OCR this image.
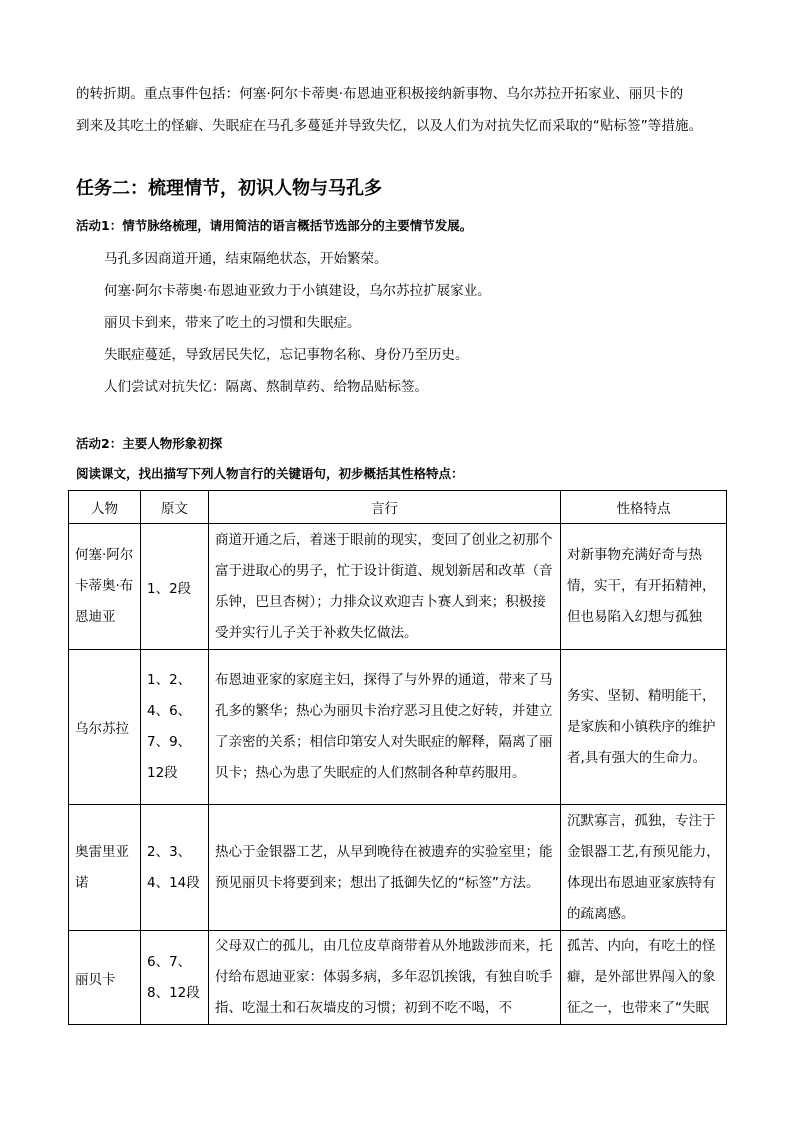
的转折期。重点事件包括：何塞·阿尔卡蒂奥·布恩迪亚积极接纳新事物、乌尔苏拉开拓家业、丽贝卡的

到来及其吃土的怪癖、失眠症在马孔多蔓延并导致失忆，以及人们为对抗失忆而采取的“贴标签”等措施。

任务二：梳理情节，初识人物与马孔多
活动1：情节脉络梳理，请用简洁的语言概括节选部分的主要情节发展。
马孔多因商道开通，结束隔绝状态，开始繁荣。
何塞·阿尔卡蒂奥·布恩迪亚致力于小镇建设，乌尔苏拉扩展家业。
丽贝卡到来，带来了吃土的习惯和失眠症。
失眠症蔓延，导致居民失忆，忘记事物名称、身份乃至历史。
人们尝试对抗失忆：隔离、熬制草药、给物品贴标签。
活动2：主要人物形象初探
阅读课文，找出描写下列人物言行的关键语句，初步概括其性格特点：
人物	原文	言行	性格特点
何塞·阿尔卡蒂奥·布恩迪亚	1、2段	商道开通之后，着迷于眼前的现实，变回了创业之初那个富于进取心的男子，忙于设计街道、规划新居和改革（音乐钟，巴旦杏树）；力排众议欢迎吉卜赛人到来；积极接受并实行儿子关于补救失忆做法。	对新事物充满好奇与热情，实干，有开拓精神，但也易陷入幻想与孤独
乌尔苏拉	1、2、4、6、7、9、12段	布恩迪亚家的家庭主妇，探得了与外界的通道，带来了马孔多的繁华；热心为丽贝卡治疗恶习且使之好转，并建立了亲密的关系；相信印第安人对失眠症的解释，隔离了丽贝卡；热心为患了失眠症的人们熬制各种草药服用。	务实、坚韧、精明能干，是家族和小镇秩序的维护者,具有强大的生命力。
奥雷里亚诺	2、3、4、14段	热心于金银器工艺，从早到晚待在被遗弃的实验室里；能预见丽贝卡将要到来；想出了抵御失忆的“标签”方法。	沉默寡言，孤独，专注于金银器工艺,有预见能力，体现出布恩迪亚家族特有的疏离感。
丽贝卡	6、7、8、12段	父母双亡的孤儿，由几位皮草商带着从外地跋涉而来，托付给布恩迪亚家：体弱多病，多年忍饥挨饿，有独自吮手指、吃湿土和石灰墙皮的习惯；初到不吃不喝，不	孤苦、内向，有吃土的怪癖，是外部世界闯入的象征之一，也带来了“失眠
